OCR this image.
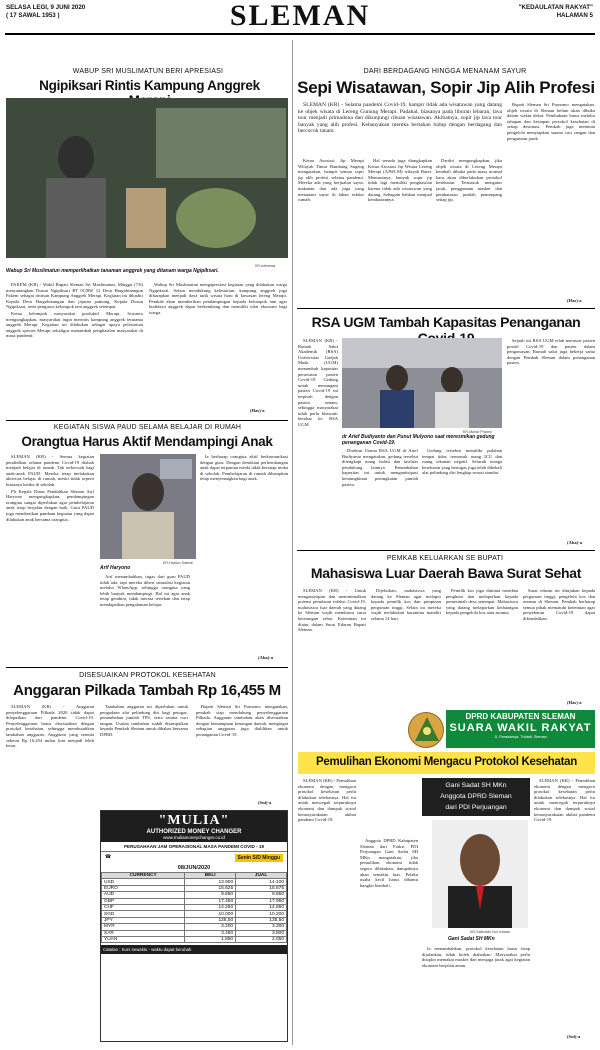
SELASA LEGI, 9 JUNI 2020
( 17 SAWAL 1953 )	SLEMAN	"KEDAULATAN RAKYAT"
HALAMAN 5
WABUP SRI MUSLIMATUN BERI APRESIASI
Ngipiksari Rintis Kampung Anggrek
KR-istimewa
Wabup Sri Muslimatun memperlihatkan tanaman anggrek yang ditanam warga Ngipiksari.

PAKEM (KR) - Wakil Bupati Sleman Sri Muslimatun, Minggu (7/6) mencanangkan Dusun Ngipiksari RT 01/RW 12 Desa Hargobinangun Pakem sebagai rintisan Kampung Anggrek Merapi. Kegiatan ini dihadiri Kepala Desa Hargobinangun dan jajaran pamong, Kepala Dusun Ngipiksari, serta pengurus kelompok tani anggrek setempat.

Ketua kelompok masyarakat produktif Merapi, Sriyanto mengungkapkan, masyarakat ingin merintis kampung anggrek terutama anggrek Merapi. Kegiatan ini dilakukan sebagai upaya pelestarian anggrek spesies Merapi sekaligus menambah penghasilan masyarakat di masa pandemi.

Wabup Sri Muslimatun mengapresiasi kegiatan yang dilakukan warga Ngipiksari. Selain mendukung kelestarian, kampung anggrek juga diharapkan menjadi daya tarik wisata baru di kawasan lereng Merapi. Pemkab akan memberikan pendampingan kepada kelompok tani agar budidaya anggrek dapat berkembang dan memiliki nilai ekonomi bagi warga.

(Has)-a
KEGIATAN SISWA PAUD SELAMA BELAJAR DI RUMAH
Orangtua Harus Aktif Mendampingi Anak

SLEMAN (KR) - Semua kegiatan pendidikan selama pandemi Covid-19 diubah menjadi belajar di rumah. Tak terkecuali bagi anak-anak PAUD. Mereka tetap melakukan aktivitas belajar di rumah, meski tidak seperti biasanya ketika di sekolah.

Plt Kepala Dinas Pendidikan Sleman Arif Haryono mengungkapkan, pendampingan orangtua sangat diperlukan agar pembelajaran anak tetap berjalan dengan baik. Guru PAUD juga memberikan panduan kegiatan yang dapat dilakukan anak bersama orangtua.

KR-Hadion Satredi
Arif Haryono

Arif menambahkan, tugas dari guru PAUD tidak ada, tapi mereka diberi stimulasi kegiatan melalui WhatsApp, sehingga orangtua yang lebih banyak mendampingi. Hal ini agar anak tetap gembira, tidak merasa tertekan dan tetap mendapatkan pengalaman belajar.

Ia berharap orangtua aktif berkomunikasi dengan guru. Dengan demikian perkembangan anak dapat terpantau meski tidak bertatap muka di sekolah. Pembelajaran di rumah diharapkan tetap menyenangkan bagi anak.

(Aha)-a
DISESUAIKAN PROTOKOL KESEHATAN
Anggaran Pilkada Tambah Rp 16,455 M

SLEMAN (KR) - Anggaran penyelenggaraan Pilkada 2020 tidak dapat dilepaskan dari pandemi Covid-19. Penyelenggaraan harus disesuaikan dengan protokol kesehatan, sehingga membutuhkan tambahan anggaran. Anggaran yang semula sebesar Rp 16,454 miliar kini menjadi lebih besar.

Tambahan anggaran ini diperlukan untuk pengadaan alat pelindung diri bagi petugas, penambahan jumlah TPS, serta sarana cuci tangan. Usulan tambahan sudah disampaikan kepada Pemkab Sleman untuk dibahas bersama DPRD.

Bupati Sleman Sri Purnomo mengatakan, pemkab siap mendukung penyelenggaraan Pilkada. Anggaran tambahan akan disesuaikan dengan kemampuan keuangan daerah, mengingat sebagian anggaran juga dialihkan untuk penanganan Covid-19.

(Sni)-a
"MULIA"
AUTHORIZED MONEY CHANGER
www.muliamoneychanger.co.id
PERUSAHAAN JAM OPERASIONAL MASA PANDEMI COVID - 19
☎	Senin S/D Minggu
08/JUN/2020
CURRENCY	BELI	JUAL
USD	13.900	14.100
EURO	15.625	15.875
AUD	9.650	9.850
GBP	17.450	17.950
CHF	14.250	14.850
SGD	10.000	10.200
JPY	125,50	135,50
MYR	3.200	3.300
SAR	3.450	3.800
YUAN	1.850	2.050
Catatan : Kurs sewaktu - waktu dapat berubah
DARI BERDAGANG HINGGA MENANAM SAYUR
Sepi Wisatawan, Sopir Jip Alih Profesi

SLEMAN (KR) - Selama pandemi Covid-19, hampir tidak ada wisatawan yang datang ke objek wisata di Lereng Gunung Merapi. Padahal, biasanya pada liburan lebaran, lava tour menjadi primadona dan dikunjungi ribuan wisatawan. Akibatnya, sopir jip lava tour banyak yang alih profesi. Kebanyakan mereka bertahan hidup dengan berdagang dan bercocok tanam.

Ketua Asosiasi Jip Merapi Wilayah Timur Bambang Sugeng mengatakan, hampir semua sopir jip alih profesi selama pandemi. Mereka ada yang berjualan sayur, makanan dan ada juga yang menanam sayur di lahan sekitar rumah.

Hal senada juga diungkapkan Ketua Asosiasi Jip Wisata Lereng Merapi (AJWLM) wilayah Barat. Menurutnya, banyak sopir jip tidak lagi memiliki penghasilan karena tidak ada wisatawan yang datang. Sebagian bahkan menjual kendaraannya.

Dardiri mengungkapkan, jika objek wisata di Lereng Merapi kembali dibuka pada masa normal baru akan diberlakukan protokol kesehatan. Termasuk mengatur jarak, penggunaan masker dan pembatasan jumlah penumpang setiap jip.

Bupati Sleman Sri Purnomo mengatakan, objek wisata di Sleman belum akan dibuka dalam waktu dekat. Pembukaan harus melalui tahapan dan kesiapan protokol kesehatan di setiap destinasi. Pemkab juga meminta pengelola menyiapkan sarana cuci tangan dan pengaturan jarak.

(Has)-a
RSA UGM Tambah Kapasitas Penanganan

SLEMAN (KR) - Rumah Sakit Akademik (RSA) Universitas Gadjah Mada (UGM) menambah kapasitas perawatan pasien Covid-19. Gedung untuk menangani pasien Covid-19 ini terpisah dengan pasien umum, sehingga masyarakat tidak perlu khawatir berobat ke RSA UGM.

KR-Muhar Priatmi
dr Arief Budiyanto dan Punut Mulyono saat meresmikan gedung penanganan Covid-19.

Direktur Utama RSA UGM dr Arief Budiyanto mengatakan, gedung tersebut dilengkapi ruang isolasi dan fasilitas pendukung lainnya. Penambahan kapasitas ini untuk mengantisipasi kemungkinan peningkatan jumlah pasien.

Gedung tersebut memiliki puluhan tempat tidur, termasuk ruang ICU dan ruang tekanan negatif. Seluruh tenaga kesehatan yang bertugas juga telah dibekali alat pelindung diri lengkap sesuai standar.

Sejauh ini RSA UGM telah merawat pasien positif Covid-19 dan pasien dalam pengawasan. Rumah sakit juga bekerja sama dengan Pemkab Sleman dalam penanganan pasien.

(Aha)-a
PEMKAB KELUARKAN SE BUPATI
Mahasiswa Luar Daerah Bawa Surat Sehat

SLEMAN (KR) - Untuk mengantisipasi dan meminimalkan potensi penularan infeksi Covid-19, mahasiswa luar daerah yang datang ke Sleman wajib membawa surat keterangan sehat. Ketentuan ini diatur dalam Surat Edaran Bupati Sleman.

Dijelaskan, mahasiswa yang datang ke Sleman agar melapor kepada pemilik kos dan pimpinan perguruan tinggi. Selain itu mereka wajib melakukan karantina mandiri selama 14 hari.

Pemilik kos juga diminta mendata penghuni dan melaporkan kepada pemerintah desa setempat. Mahasiswa yang datang melaporkan kedatangan kepada pengelola kos atau asrama.

Surat edaran ini ditujukan kepada perguruan tinggi, pengelola kos dan asrama di Sleman. Pemkab berharap semua pihak mematuhi ketentuan agar penyebaran Covid-19 dapat dikendalikan.

(Has)-a
DPRD KABUPATEN SLEMAN
SUARA WAKIL RAKYAT
Jl. Parasamya, Tridadi, Sleman
Pemulihan Ekonomi Mengacu Protokol Kesehatan

SLEMAN (KR) - Pemulihan ekonomi dengan mengacu protokol kesehatan perlu dilakukan selekasnya. Hal itu untuk mencegah terpuruknya ekonomi dan dampak sosial kemasyarakatan akibat pandemi Covid-19.

Anggota DPRD Kabupaten Sleman dari Fraksi PDI Perjuangan Gani Sadat SH MKn mengatakan, jika pemulihan ekonomi tidak segera dilakukan, dampaknya akan semakin luas. Pelaku usaha kecil harus dibantu bangkit kembali.

Gani Sadat SH MKn
Anggota DPRD Sleman
dari PDI Perjuangan
KR-Saifuddin Nur Ichwan
Gani Sadat SH MKn

Ia menambahkan, protokol kesehatan harus tetap dijalankan, tidak boleh diabaikan. Masyarakat perlu disiplin memakai masker dan menjaga jarak agar kegiatan ekonomi berjalan aman.

SLEMAN (KR) - Pemulihan ekonomi dengan mengacu protokol kesehatan perlu dilakukan selekasnya. Hal itu untuk mencegah terpuruknya ekonomi dan dampak sosial kemasyarakatan akibat pandemi Covid-19.

(Sni)-a
